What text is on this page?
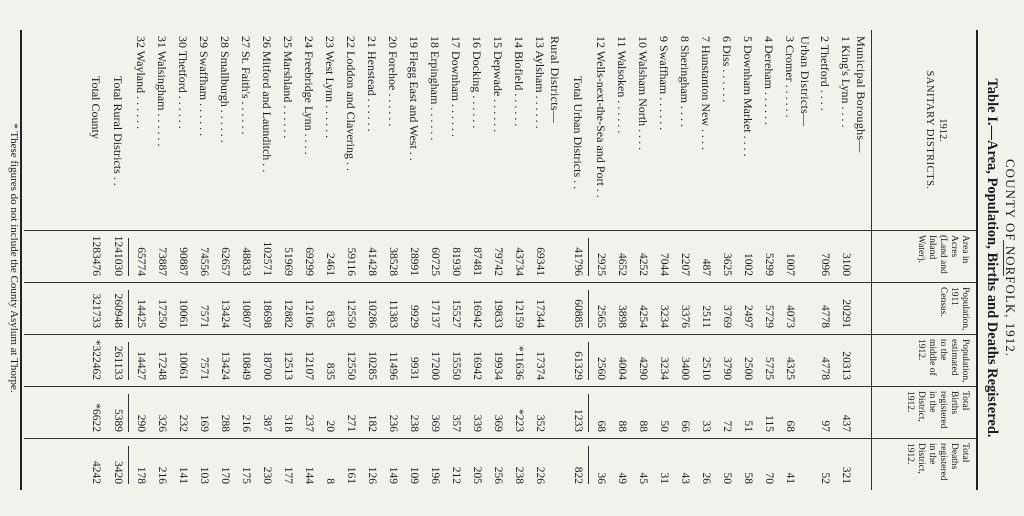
COUNTY OF NORFOLK, 1912.
Table I.—Area, Population, Births and Deaths Registered.
1912.
SANITARY DISTRICTS.
Area in Acres (Land and Inland Water).
Population, 1911 Census.
Population, estimated to the middle of 1912.
Total Births registered in the District, 1912.
Total Deaths registered in the District, 1912.
Municipal Boroughs—
1 King's Lynn . . . .
3100
20291
20313
437
321
2 Thetford . . . .
7096
4778
4778
97
52
Urban Districts—
3 Cromer . . . . . .
1007
4073
4325
68
41
4 Dereham . . . . . .
5299
5729
5725
115
70
5 Downham Market . . . .
1002
2497
2500
51
58
6 Diss . . . . . .
3625
3769
3790
72
50
7 Hunstanton New . . . .
487
2511
2510
33
26
8 Sheringham . . . .
2207
3376
3400
66
43
9 Swaffham . . . . . .
7044
3234
3234
50
31
10 Walsham North . . . .
4252
4254
4290
88
45
11 Walsoken . . . . . .
4652
3898
4004
88
49
12 Wells-next-the-Sea and Port . .
2925
2565
2560
68
36
Total Urban Districts . .
41796
60885
61329
1233
822
Rural Districts—
13 Aylsham . . . . . .
69341
17344
17374
352
226
14 Blofield . . . . . .
43734
12159
*11636
*223
238
15 Depwade . . . . . .
79742
19833
19934
369
256
16 Docking . . . . . .
87481
16942
16942
339
205
17 Downham . . . . . .
81930
15527
15550
357
212
18 Erpingham . . . . . .
60725
17137
17200
369
196
19 Flegg East and West . .
28991
9929
9931
238
109
20 Forehoe . . . . . .
38528
11383
11496
236
149
21 Henstead . . . . . .
41428
10286
10285
182
126
22 Loddon and Clavering . .
59116
12550
12550
271
161
23 West Lynn . . . . . .
2461
835
835
20
8
24 Freebridge Lynn . . . .
69299
12106
12107
237
144
25 Marshland . . . . . .
51969
12882
12513
318
177
26 Mitford and Launditch . .
102571
18698
18700
387
230
27 St. Faith's . . . . . .
48833
10807
10849
216
175
28 Smallburgh . . . . . .
62657
13424
13424
288
170
29 Swaffham . . . . . .
74556
7571
7571
169
103
30 Thetford . . . . . .
90887
10061
10061
232
141
31 Walsingham . . . . . .
73887
17250
17248
326
216
32 Wayland . . . . . .
65774
14425
14427
290
178
Total Rural Districts . .
1241030
260948
261133
5389
3420
Total County
1283476
321733
*322462
*6622
4242
* These figures do not include the County Asylum at Thorpe.
